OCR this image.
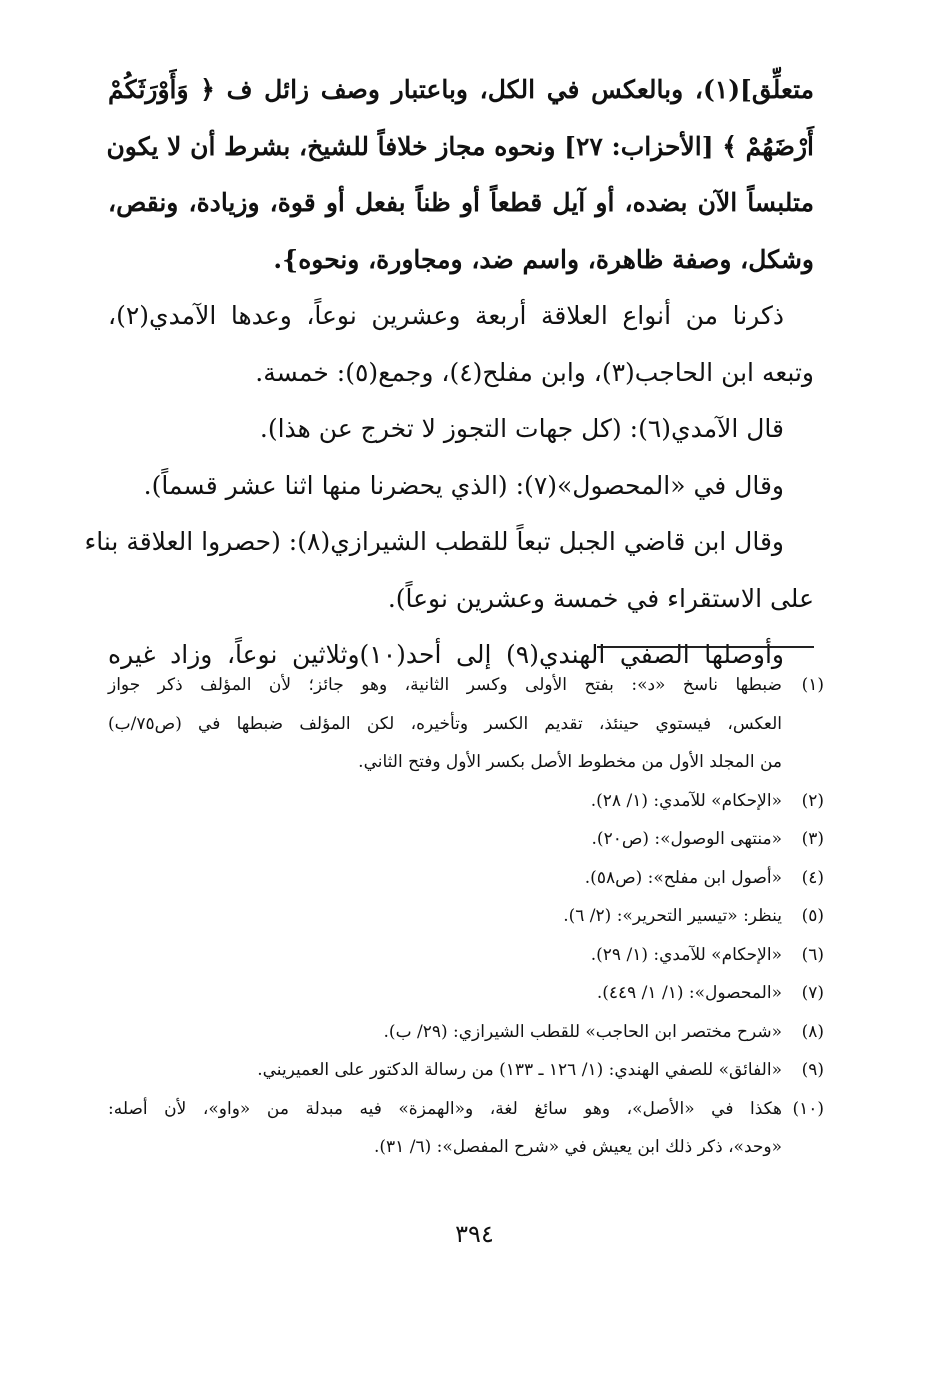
متعلِّق](١)، وبالعكس في الكل، وباعتبار وصف زائل ف ﴿ وَأَوْرَثَكُمْ
أَرْضَهُمْ ﴾ [الأحزاب: ٢٧] ونحوه مجاز خلافاً للشيخ، بشرط أن لا يكون
متلبساً الآن بضده، أو آيل قطعاً أو ظناً بفعل أو قوة، وزيادة، ونقص،
وشكل، وصفة ظاهرة، واسم ضد، ومجاورة، ونحوه}.
ذكرنا من أنواع العلاقة أربعة وعشرين نوعاً، وعدها الآمدي(٢)،
وتبعه ابن الحاجب(٣)، وابن مفلح(٤)، وجمع(٥): خمسة.
قال الآمدي(٦): (كل جهات التجوز لا تخرج عن هذا).
وقال في «المحصول»(٧): (الذي يحضرنا منها اثنا عشر قسماً).
وقال ابن قاضي الجبل تبعاً للقطب الشيرازي(٨): (حصروا العلاقة بناء
على الاستقراء في خمسة وعشرين نوعاً).
وأوصلها الصفي الهندي(٩) إلى أحد(١٠)وثلاثين نوعاً، وزاد غيره
(١)
ضبطها ناسخ «د»: بفتح الأولى وكسر الثانية، وهو جائز؛ لأن المؤلف ذكر جواز
العكس، فيستوي حينئذ، تقديم الكسر وتأخيره، لكن المؤلف ضبطها في (ص٧٥/ب)
من المجلد الأول من مخطوط الأصل بكسر الأول وفتح الثاني.
(٢)
«الإحكام» للآمدي: (١/ ٢٨).
(٣)
«منتهى الوصول»: (ص٢٠).
(٤)
«أصول ابن مفلح»: (ص٥٨).
(٥)
ينظر: «تيسير التحرير»: (٢/ ٦).
(٦)
«الإحكام» للآمدي: (١/ ٢٩).
(٧)
«المحصول»: (١/ ١/ ٤٤٩).
(٨)
«شرح مختصر ابن الحاجب» للقطب الشيرازي: (٢٩/ ب).
(٩)
«الفائق» للصفي الهندي: (١/ ١٢٦ ـ ١٣٣) من رسالة الدكتور على العميريني.
(١٠)
هكذا في «الأصل»، وهو سائغ لغة، و«الهمزة» فيه مبدلة من «واو»، لأن أصله:
«وحد»، ذكر ذلك ابن يعيش في «شرح المفصل»: (٦/ ٣١).
٣٩٤
